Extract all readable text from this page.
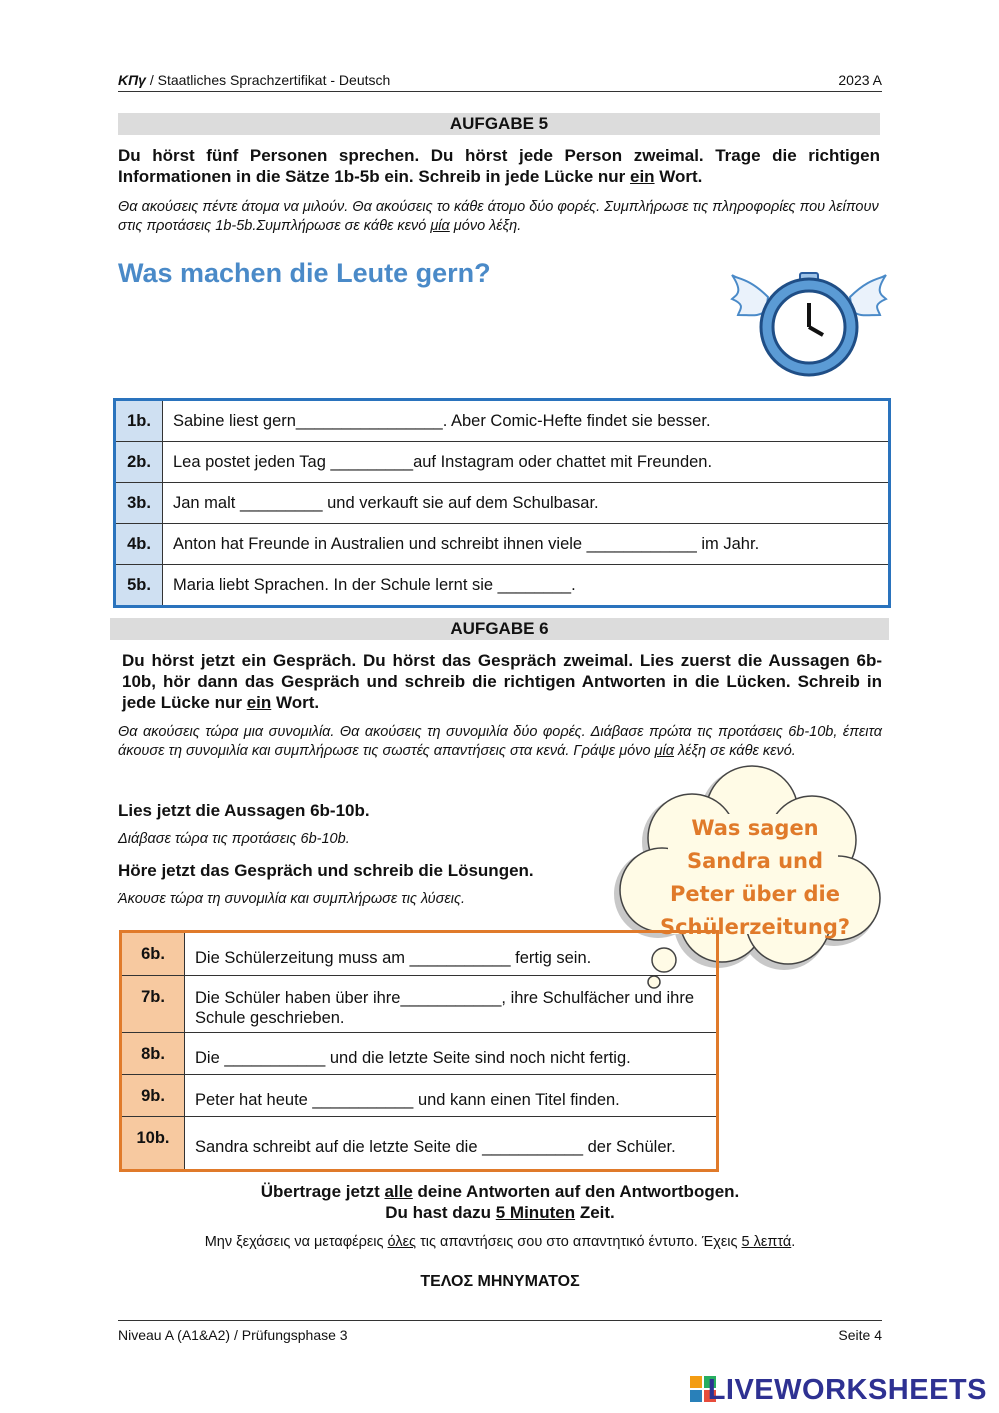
ΚΠγ / Staatliches Sprachzertifikat - Deutsch	2023 A
AUFGABE 5
Du hörst fünf Personen sprechen. Du hörst jede Person zweimal. Trage die richtigen Informationen in die Sätze 1b-5b ein. Schreib in jede Lücke nur ein Wort.
Θα ακούσεις πέντε άτομα να μιλούν. Θα ακούσεις το κάθε άτομο δύο φορές. Συμπλήρωσε τις πληροφορίες που λείπουν στις προτάσεις 1b-5b.Συμπλήρωσε σε κάθε κενό μία μόνο λέξη.
Was machen die Leute gern?
1b.	Sabine liest gern________________. Aber Comic-Hefte findet sie besser.
2b.	Lea postet jeden Tag _________auf Instagram oder chattet mit Freunden.
3b.	Jan malt _________ und verkauft sie auf dem Schulbasar.
4b.	Anton hat Freunde in Australien und schreibt ihnen viele ____________ im Jahr.
5b.	Maria liebt Sprachen. In der Schule lernt sie ________.
AUFGABE 6
Du hörst jetzt ein Gespräch. Du hörst das Gespräch zweimal. Lies zuerst die Aussagen 6b-10b, hör dann das Gespräch und schreib die richtigen Antworten in die Lücken. Schreib in jede Lücke nur ein Wort.
Θα ακούσεις τώρα μια συνομιλία. Θα ακούσεις τη συνομιλία δύο φορές. Διάβασε πρώτα τις προτάσεις 6b-10b, έπειτα άκουσε τη συνομιλία και συμπλήρωσε τις σωστές απαντήσεις στα κενά. Γράψε μόνο μία λέξη σε κάθε κενό.
Lies jetzt die Aussagen 6b-10b.
Διάβασε τώρα τις προτάσεις 6b-10b.
Höre jetzt das Gespräch und schreib die Lösungen.
Άκουσε τώρα τη συνομιλία και συμπλήρωσε τις λύσεις.
Was sagen
Sandra und
Peter über die
Schülerzeitung?
6b.	Die Schülerzeitung muss am ___________ fertig sein.
7b.	Die Schüler haben über ihre___________, ihre Schulfächer und ihre Schule geschrieben.
8b.	Die ___________ und die letzte Seite sind noch nicht fertig.
9b.	Peter hat heute ___________ und kann einen Titel finden.
10b.	Sandra schreibt auf die letzte Seite die ___________ der Schüler.
Übertrage jetzt alle deine Antworten auf den Antwortbogen.
Du hast dazu 5 Minuten Zeit.
Μην ξεχάσεις να μεταφέρεις όλες τις απαντήσεις σου στο απαντητικό έντυπο. Έχεις 5 λεπτά.
ΤΕΛΟΣ ΜΗΝΥΜΑΤΟΣ
Niveau A (A1&A2) / Prüfungsphase 3	Seite 4
LIVEWORKSHEETS
